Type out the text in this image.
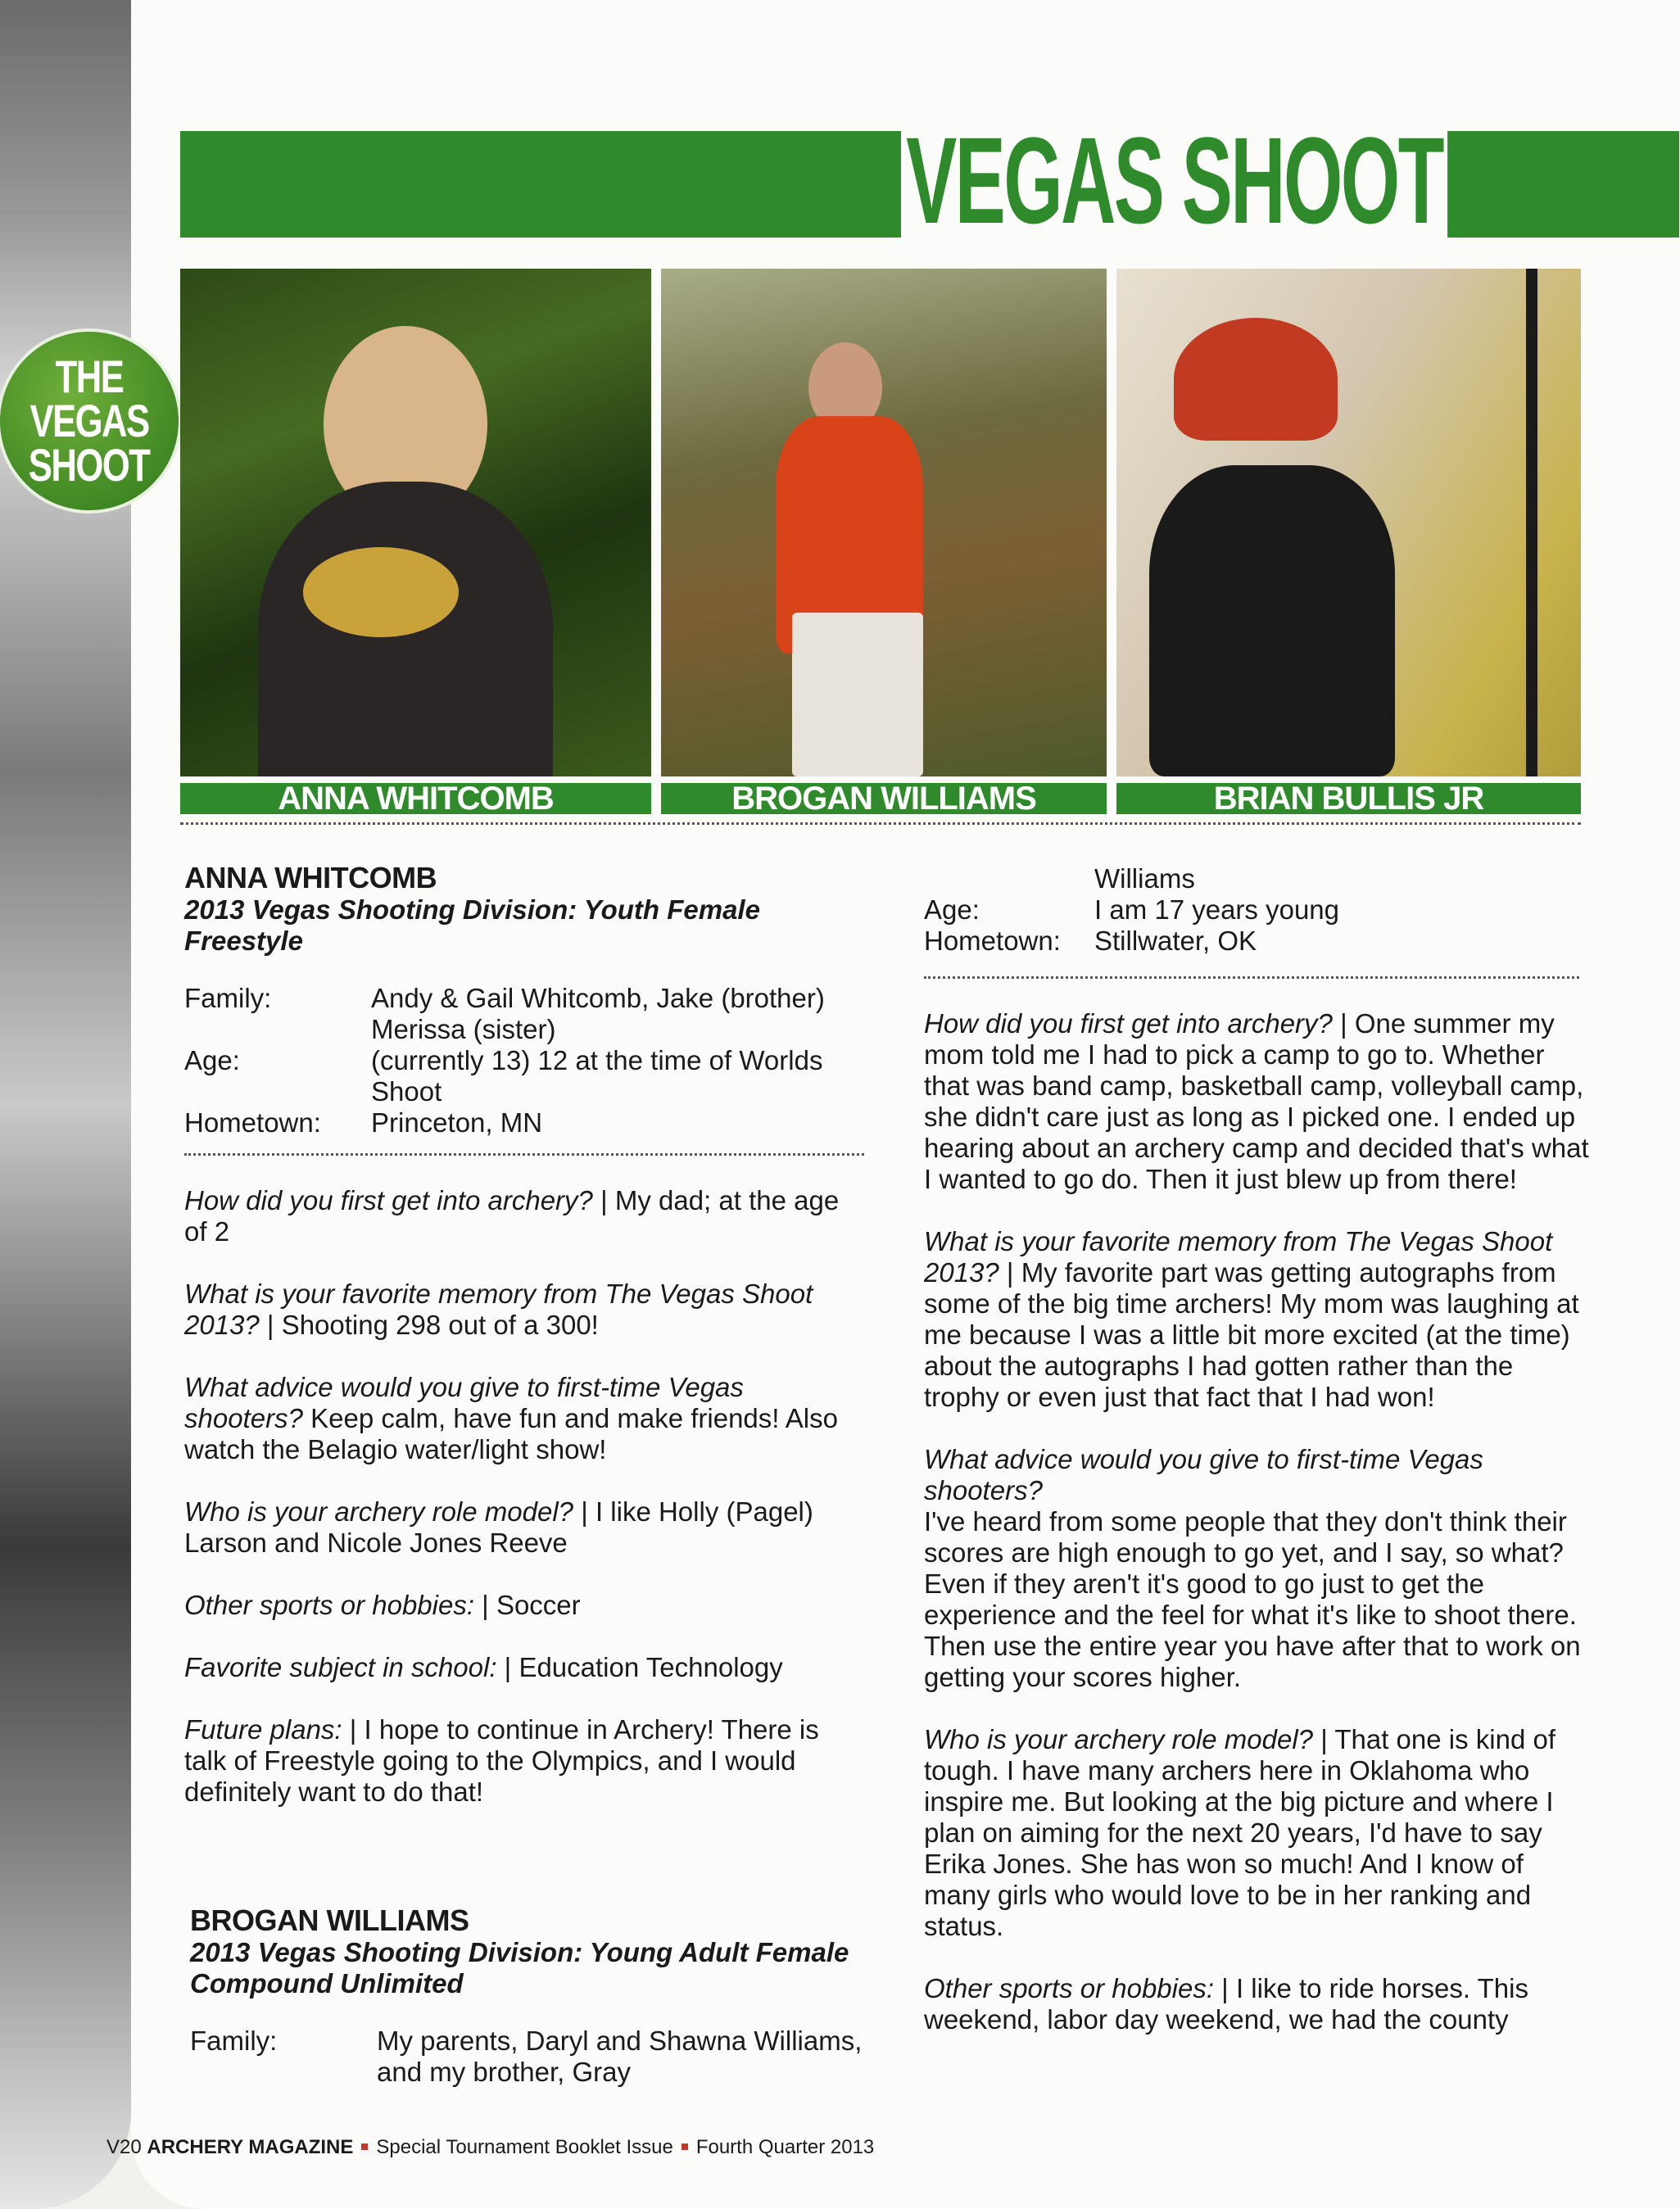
THE
VEGAS
SHOOT
VEGAS SHOOT
ANNA WHITCOMB	BROGAN WILLIAMS	BRIAN BULLIS JR
ANNA WHITCOMB
2013 Vegas Shooting Division: Youth Female Freestyle
Family:	Andy & Gail Whitcomb, Jake (brother) Merissa (sister)
Age:	(currently 13) 12 at the time of Worlds Shoot
Hometown:	Princeton, MN
How did you first get into archery? | My dad; at the age of 2
What is your favorite memory from The Vegas Shoot 2013? | Shooting 298 out of a 300!
What advice would you give to first-time Vegas shooters? Keep calm, have fun and make friends! Also watch the Belagio water/light show!
Who is your archery role model? | I like Holly (Pagel) Larson and Nicole Jones Reeve
Other sports or hobbies: | Soccer
Favorite subject in school: | Education Technology
Future plans: | I hope to continue in Archery! There is talk of Freestyle going to the Olympics, and I would definitely want to do that!
BROGAN WILLIAMS
2013 Vegas Shooting Division: Young Adult Female Compound Unlimited
Family:	My parents, Daryl and Shawna Williams, and my brother, Gray
Williams
Age:	I am 17 years young
Hometown:	Stillwater, OK
How did you first get into archery? | One summer my mom told me I had to pick a camp to go to. Whether that was band camp, basketball camp, volleyball camp, she didn't care just as long as I picked one. I ended up hearing about an archery camp and decided that's what I wanted to go do. Then it just blew up from there!
What is your favorite memory from The Vegas Shoot 2013? | My favorite part was getting autographs from some of the big time archers! My mom was laughing at me because I was a little bit more excited (at the time) about the autographs I had gotten rather than the trophy or even just that fact that I had won!
What advice would you give to first-time Vegas shooters?
I've heard from some people that they don't think their scores are high enough to go yet, and I say, so what? Even if they aren't it's good to go just to get the experience and the feel for what it's like to shoot there. Then use the entire year you have after that to work on getting your scores higher.
Who is your archery role model? | That one is kind of tough. I have many archers here in Oklahoma who inspire me. But looking at the big picture and where I plan on aiming for the next 20 years, I'd have to say Erika Jones. She has won so much! And I know of many girls who would love to be in her ranking and status.
Other sports or hobbies: | I like to ride horses. This weekend, labor day weekend, we had the county
V20 ARCHERY MAGAZINE Special Tournament Booklet Issue Fourth Quarter 2013
